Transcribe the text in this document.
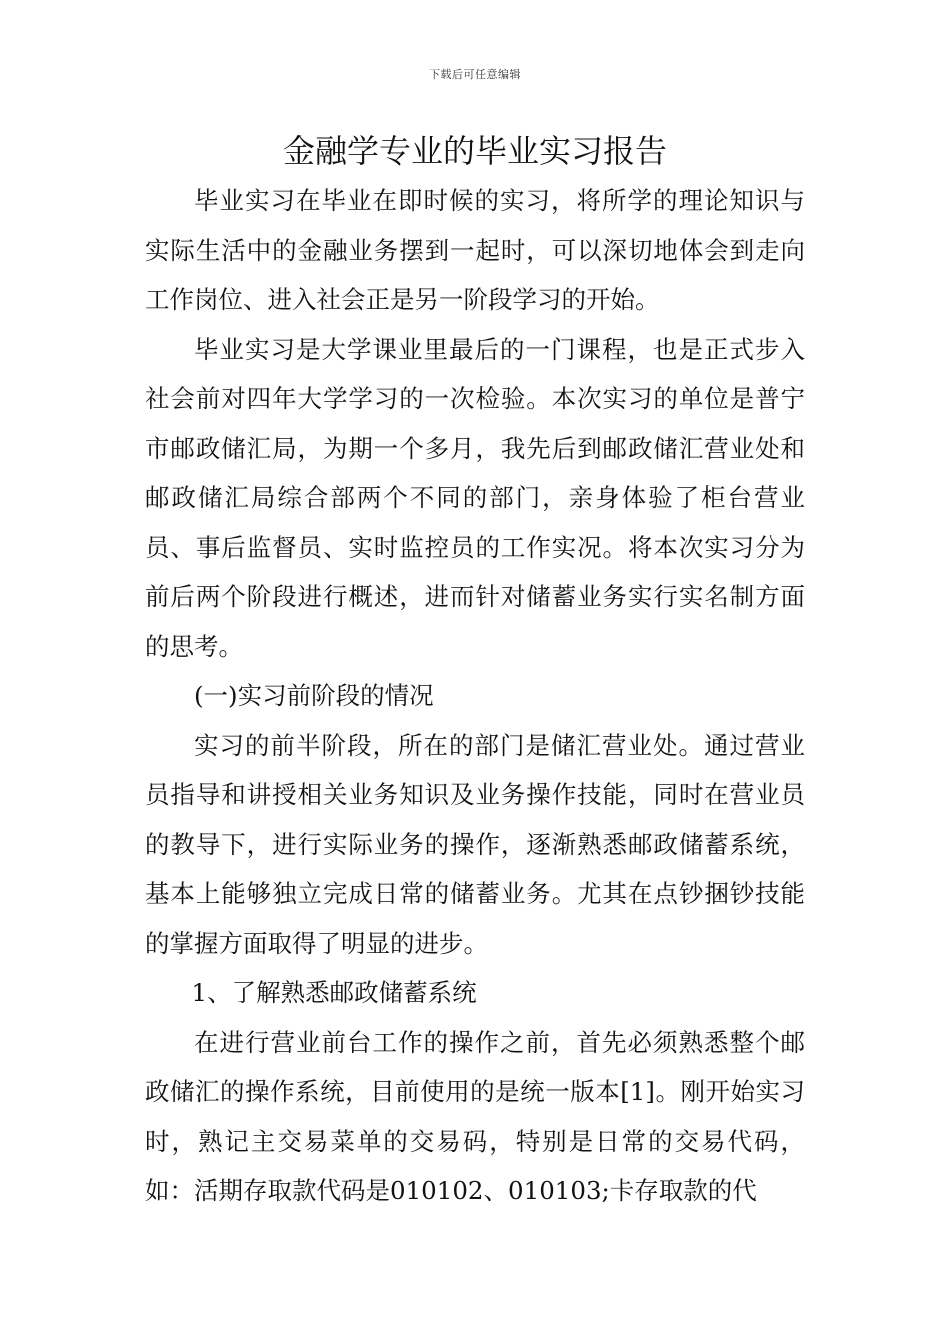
下载后可任意编辑
金融学专业的毕业实习报告

毕业实习在毕业在即时候的实习，将所学的理论知识与实际生活中的金融业务摆到一起时，可以深切地体会到走向工作岗位、进入社会正是另一阶段学习的开始。

毕业实习是大学课业里最后的一门课程，也是正式步入社会前对四年大学学习的一次检验。本次实习的单位是普宁市邮政储汇局，为期一个多月，我先后到邮政储汇营业处和邮政储汇局综合部两个不同的部门，亲身体验了柜台营业员、事后监督员、实时监控员的工作实况。将本次实习分为前后两个阶段进行概述，进而针对储蓄业务实行实名制方面的思考。

(一)实习前阶段的情况

实习的前半阶段，所在的部门是储汇营业处。通过营业员指导和讲授相关业务知识及业务操作技能，同时在营业员的教导下，进行实际业务的操作，逐渐熟悉邮政储蓄系统，基本上能够独立完成日常的储蓄业务。尤其在点钞捆钞技能的掌握方面取得了明显的进步。

1、了解熟悉邮政储蓄系统

在进行营业前台工作的操作之前，首先必须熟悉整个邮政储汇的操作系统，目前使用的是统一版本[1]。刚开始实习时，熟记主交易菜单的交易码，特别是日常的交易代码，如：活期存取款代码是010102、010103;卡存取款的代
